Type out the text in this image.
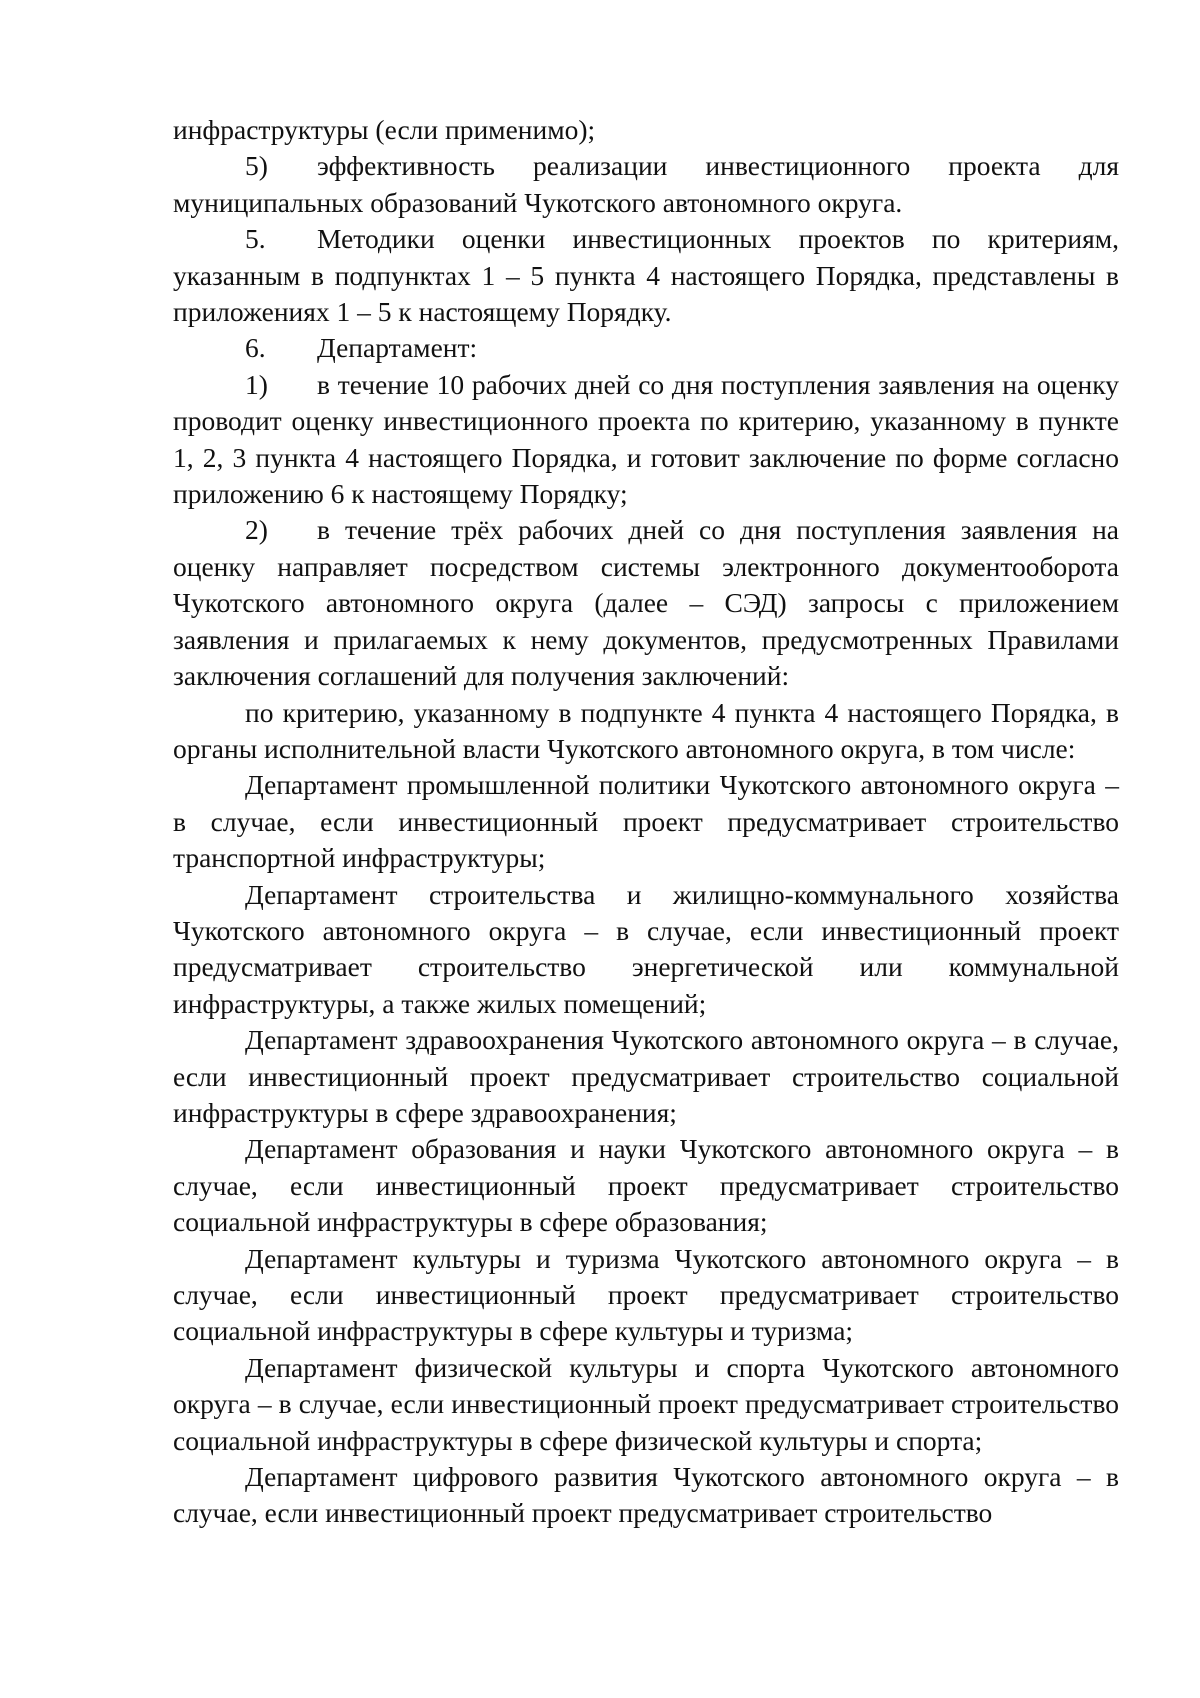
инфраструктуры (если применимо);

5) эффективность реализации инвестиционного проекта для муниципальных образований Чукотского автономного округа.

5. Методики оценки инвестиционных проектов по критериям, указанным в подпунктах 1 – 5 пункта 4 настоящего Порядка, представлены в приложениях 1 – 5 к настоящему Порядку.

6. Департамент:

1) в течение 10 рабочих дней со дня поступления заявления на оценку проводит оценку инвестиционного проекта по критерию, указанному в пункте 1, 2, 3 пункта 4 настоящего Порядка, и готовит заключение по форме согласно приложению 6 к настоящему Порядку;

2) в течение трёх рабочих дней со дня поступления заявления на оценку направляет посредством системы электронного документооборота Чукотского автономного округа (далее – СЭД) запросы с приложением заявления и прилагаемых к нему документов, предусмотренных Правилами заключения соглашений для получения заключений:

по критерию, указанному в подпункте 4 пункта 4 настоящего Порядка, в органы исполнительной власти Чукотского автономного округа, в том числе:

Департамент промышленной политики Чукотского автономного округа – в случае, если инвестиционный проект предусматривает строительство транспортной инфраструктуры;

Департамент строительства и жилищно-коммунального хозяйства Чукотского автономного округа – в случае, если инвестиционный проект предусматривает строительство энергетической или коммунальной инфраструктуры, а также жилых помещений;

Департамент здравоохранения Чукотского автономного округа – в случае, если инвестиционный проект предусматривает строительство социальной инфраструктуры в сфере здравоохранения;

Департамент образования и науки Чукотского автономного округа – в случае, если инвестиционный проект предусматривает строительство социальной инфраструктуры в сфере образования;

Департамент культуры и туризма Чукотского автономного округа – в случае, если инвестиционный проект предусматривает строительство социальной инфраструктуры в сфере культуры и туризма;

Департамент физической культуры и спорта Чукотского автономного округа – в случае, если инвестиционный проект предусматривает строительство социальной инфраструктуры в сфере физической культуры и спорта;

Департамент цифрового развития Чукотского автономного округа – в случае, если инвестиционный проект предусматривает строительство
